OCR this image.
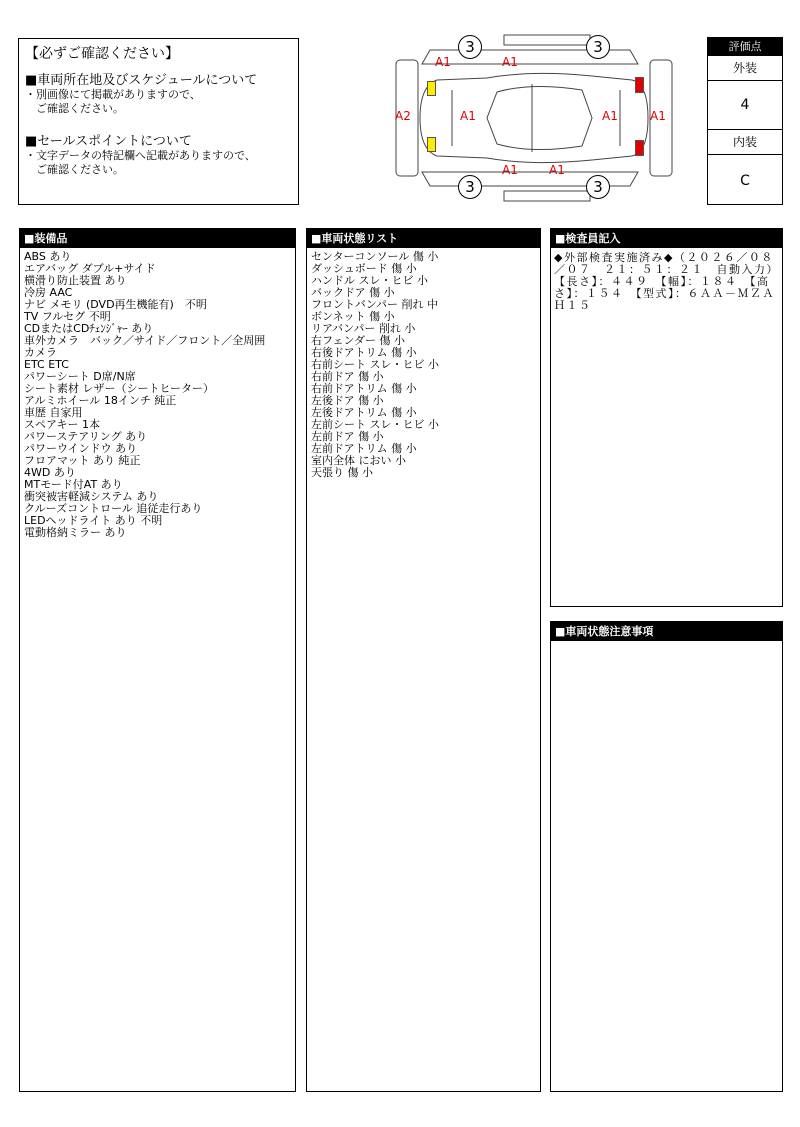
【必ずご確認ください】
■車両所在地及びスケジュールについて
・別画像にて掲載がありますので、
　ご確認ください。
■セールスポイントについて
・文字データの特記欄へ記載がありますので、
　ご確認ください。
3	3
3	3
A1	A1
A2	A1	A1	A1
A1	A1
評価点
外装
4
内装
C
■装備品
ABS あり
エアバッグ ダブル+サイド
横滑り防止装置 あり
冷房 AAC
ナビ メモリ (DVD再生機能有)　不明
TV フルセグ 不明
CDまたはCDﾁｪﾝｼﾞｬｰ あり
車外カメラ　バック／サイド／フロント／全周囲
カメラ
ETC ETC
パワーシート D席/N席
シート素材 レザー（シートヒーター）
アルミホイール 18インチ 純正
車歴 自家用
スペアキー 1本
パワーステアリング あり
パワーウインドウ あり
フロアマット あり 純正
4WD あり
MTモード付AT あり
衝突被害軽減システム あり
クルーズコントロール 追従走行あり
LEDヘッドライト あり 不明
電動格納ミラー あり
■車両状態リスト
センターコンソール 傷 小
ダッシュボード 傷 小
ハンドル スレ・ヒビ 小
バックドア 傷 小
フロントバンパー 削れ 中
ボンネット 傷 小
リアバンパー 削れ 小
右フェンダー 傷 小
右後ドアトリム 傷 小
右前シート スレ・ヒビ 小
右前ドア 傷 小
右前ドアトリム 傷 小
左後ドア 傷 小
左後ドアトリム 傷 小
左前シート スレ・ヒビ 小
左前ドア 傷 小
左前ドアトリム 傷 小
室内全体 におい 小
天張り 傷 小
■検査員記入
◆外部検査実施済み◆（２０２６／０８／０７　２１：５１：２１　自動入力）【長さ】：４４９　【幅】：１８４　【高さ】：１５４　【型式】：６ＡＡ－ＭＺＡＨ１５
■車両状態注意事項
